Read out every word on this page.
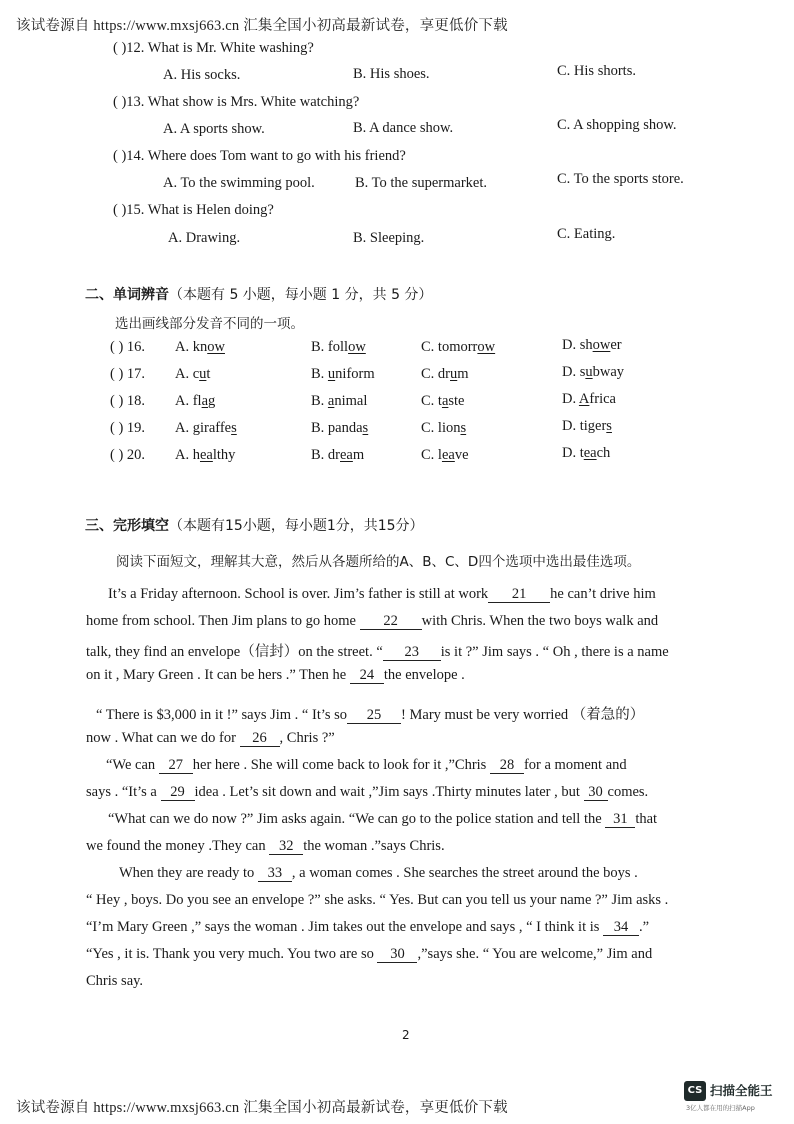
该试卷源自 https://www.mxsj663.cn 汇集全国小初高最新试卷，享更低价下载
( )12. What is Mr. White washing?
A. His socks.	B. His shoes.	C. His shorts.
( )13. What show is Mrs. White watching?
A. A sports show.	B. A dance show.	C. A shopping show.
( )14. Where does Tom want to go with his friend?
A. To the swimming pool.	B. To the supermarket.	C. To the sports store.
( )15. What is Helen doing?
A. Drawing.	B. Sleeping.	C. Eating.
二、单词辨音（本题有 5 小题，每小题 1 分，共 5 分）
选出画线部分发音不同的一项。
( ) 16. A. know	B. follow	C. tomorrow	D. shower
( ) 17. A. cut	B. uniform	C. drum	D. subway
( ) 18. A. flag	B. animal	C. taste	D. Africa
( ) 19. A. giraffes	B. pandas	C. lions	D. tigers
( ) 20. A. healthy	B. dream	C. leave	D. teach
三、完形填空（本题有15小题，每小题1分，共15分）
阅读下面短文，理解其大意，然后从各题所给的A、B、C、D四个选项中选出最佳选项。
It’s a Friday afternoon. School is over. Jim’s father is still at work 21 he can’t drive him
home from school. Then Jim plans to go home 22 with Chris. When the two boys walk and
talk, they find an envelope（信封）on the street. “ 23 is it ?” Jim says . “ Oh , there is a name
on it , Mary Green . It can be hers .” Then he 24 the envelope .
“ There is $3,000 in it !” says Jim . “ It’s so 25 ! Mary must be very worried （着急的）
now . What can we do for 26 , Chris ?”
“We can 27 her here . She will come back to look for it ,”Chris 28 for a moment and
says . “It’s a 29 idea . Let’s sit down and wait ,”Jim says .Thirty minutes later , but 30 comes.
“What can we do now ?” Jim asks again. “We can go to the police station and tell the 31 that
we found the money .They can 32 the woman .”says Chris.
When they are ready to 33 , a woman comes . She searches the street around the boys .
“ Hey , boys. Do you see an envelope ?” she asks. “ Yes. But can you tell us your name ?” Jim asks .
“I’m Mary Green ,” says the woman . Jim takes out the envelope and says , “ I think it is 34 .”
“Yes , it is. Thank you very much. You two are so 30 ,”says she. “ You are welcome,” Jim and
Chris say.
2
该试卷源自 https://www.mxsj663.cn 汇集全国小初高最新试卷，享更低价下载
CS 扫描全能王
3亿人都在用的扫描App
